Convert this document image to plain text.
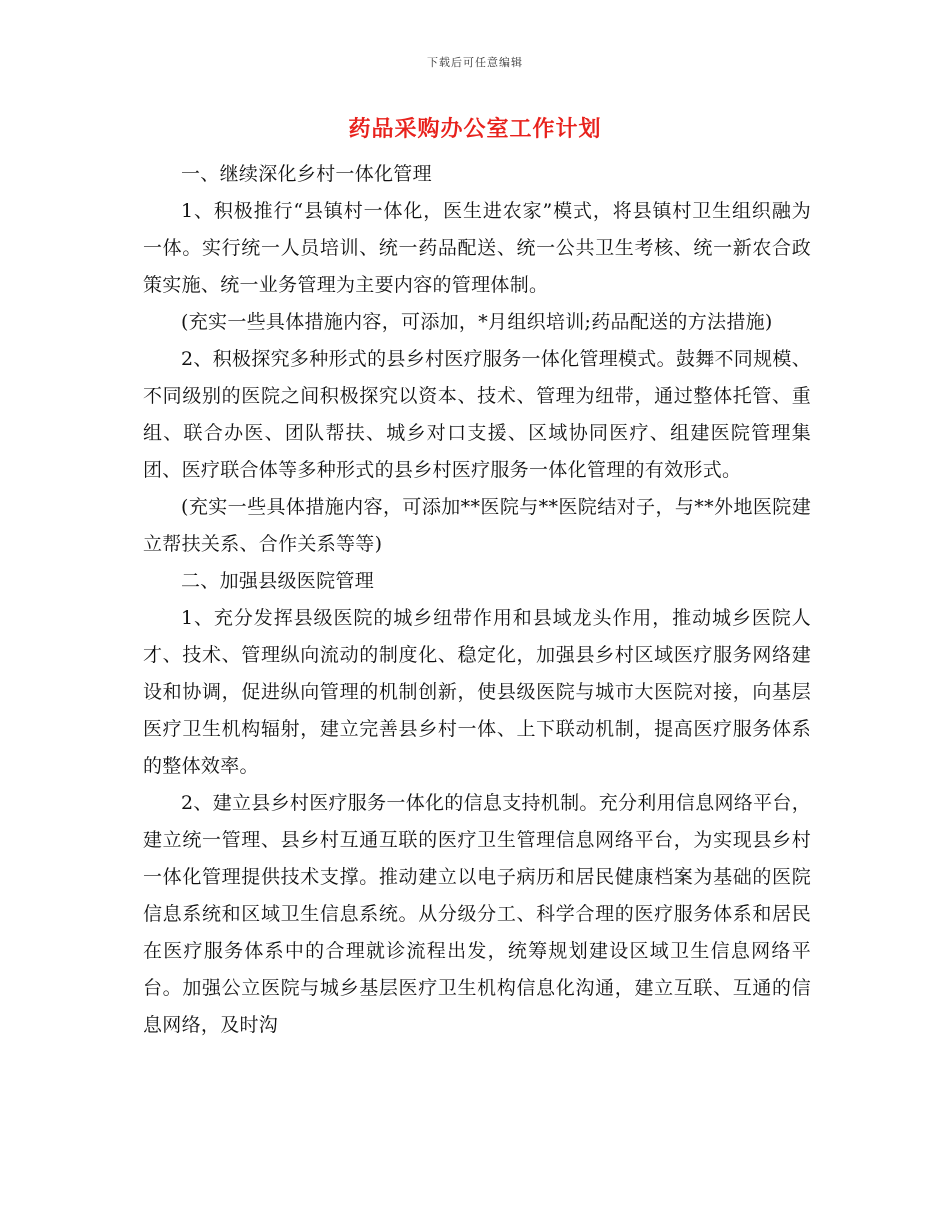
下载后可任意编辑
药品采购办公室工作计划

一、继续深化乡村一体化管理

1、积极推行“县镇村一体化，医生进农家”模式，将县镇村卫生组织融为一体。实行统一人员培训、统一药品配送、统一公共卫生考核、统一新农合政策实施、统一业务管理为主要内容的管理体制。

(充实一些具体措施内容，可添加，*月组织培训;药品配送的方法措施)

2、积极探究多种形式的县乡村医疗服务一体化管理模式。鼓舞不同规模、不同级别的医院之间积极探究以资本、技术、管理为纽带，通过整体托管、重组、联合办医、团队帮扶、城乡对口支援、区域协同医疗、组建医院管理集团、医疗联合体等多种形式的县乡村医疗服务一体化管理的有效形式。

(充实一些具体措施内容，可添加**医院与**医院结对子，与**外地医院建立帮扶关系、合作关系等等)

二、加强县级医院管理

1、充分发挥县级医院的城乡纽带作用和县域龙头作用，推动城乡医院人才、技术、管理纵向流动的制度化、稳定化，加强县乡村区域医疗服务网络建设和协调，促进纵向管理的机制创新，使县级医院与城市大医院对接，向基层医疗卫生机构辐射，建立完善县乡村一体、上下联动机制，提高医疗服务体系的整体效率。

2、建立县乡村医疗服务一体化的信息支持机制。充分利用信息网络平台，建立统一管理、县乡村互通互联的医疗卫生管理信息网络平台，为实现县乡村一体化管理提供技术支撑。推动建立以电子病历和居民健康档案为基础的医院信息系统和区域卫生信息系统。从分级分工、科学合理的医疗服务体系和居民在医疗服务体系中的合理就诊流程出发，统筹规划建设区域卫生信息网络平台。加强公立医院与城乡基层医疗卫生机构信息化沟通，建立互联、互通的信息网络，及时沟
